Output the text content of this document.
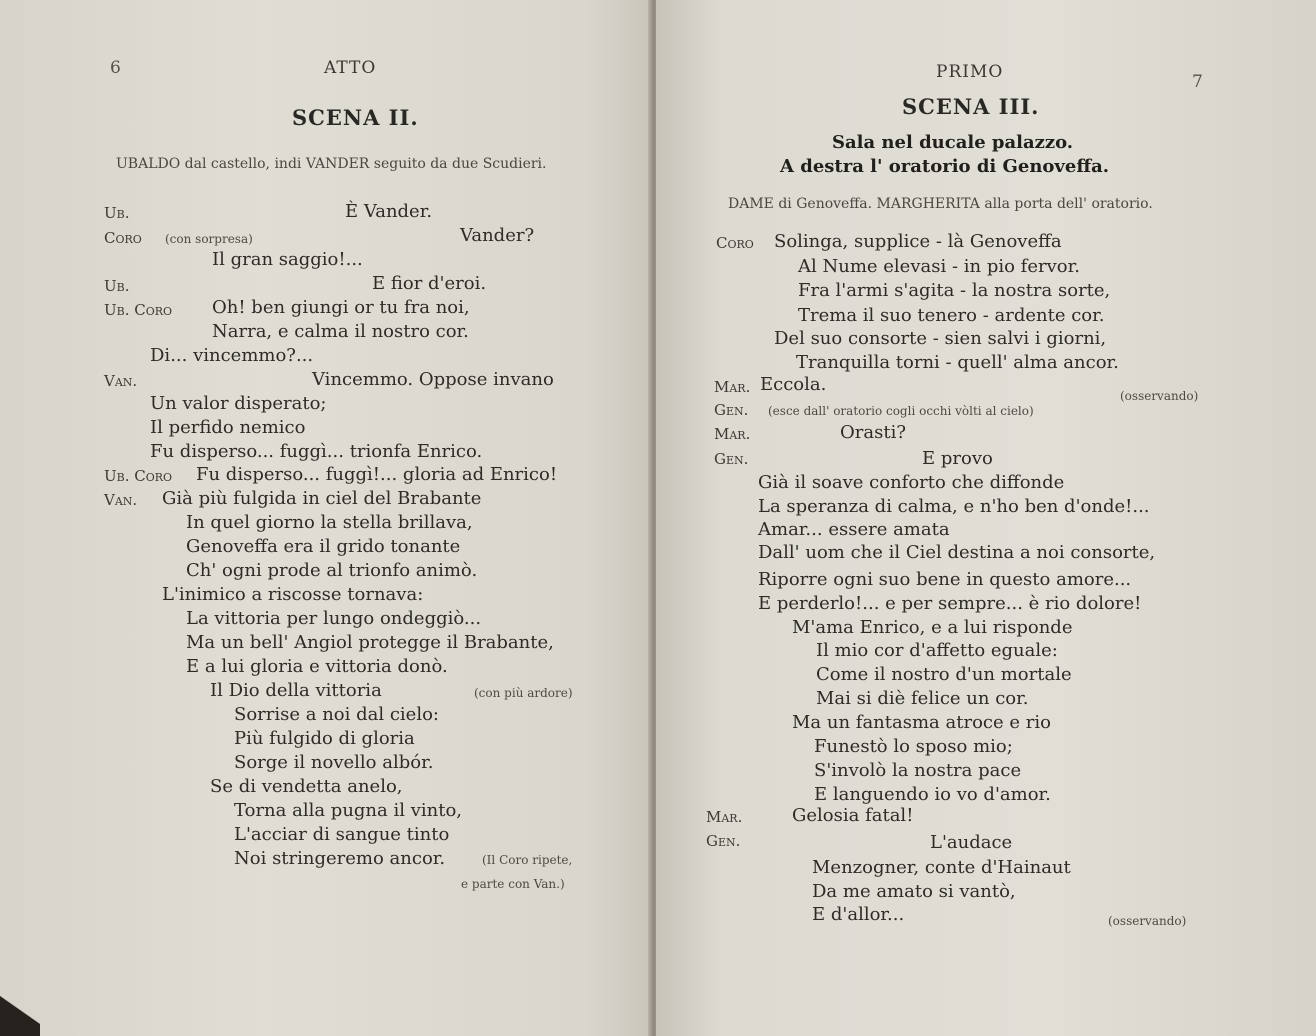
6	ATTO
SCENA II.
UBALDO dal castello, indi VANDER seguito da due Scudieri.
Ub.	È Vander.
Coro (con sorpresa)	Vander?
Il gran saggio!...
Ub.	E fior d'eroi.
Ub. Coro Oh! ben giungi or tu fra noi,
Narra, e calma il nostro cor.
Di... vincemmo?...
Van.	Vincemmo. Oppose invano
Un valor disperato;
Il perfido nemico
Fu disperso... fuggì... trionfa Enrico.
Ub. Coro Fu disperso... fuggì!... gloria ad Enrico!
Van. Già più fulgida in ciel del Brabante
In quel giorno la stella brillava,
Genoveffa era il grido tonante
Ch' ogni prode al trionfo animò.
L'inimico a riscosse tornava:
La vittoria per lungo ondeggiò...
Ma un bell' Angiol protegge il Brabante,
E a lui gloria e vittoria donò.
Il Dio della vittoria	(con più ardore)
Sorrise a noi dal cielo:
Più fulgido di gloria
Sorge il novello albór.
Se di vendetta anelo,
Torna alla pugna il vinto,
L'acciar di sangue tinto
Noi stringeremo ancor.	(Il Coro ripete,
e parte con Van.)
PRIMO	7
SCENA III.
Sala nel ducale palazzo.
A destra l' oratorio di Genoveffa.
DAME di Genoveffa. MARGHERITA alla porta dell' oratorio.
Coro Solinga, supplice - là Genoveffa
Al Nume elevasi - in pio fervor.
Fra l'armi s'agita - la nostra sorte,
Trema il suo tenero - ardente cor.
Del suo consorte - sien salvi i giorni,
Tranquilla torni - quell' alma ancor.
Mar. Eccola.
(osservando)
Gen. (esce dall' oratorio cogli occhi vòlti al cielo)
Mar.	Orasti?
Gen.	E provo
Già il soave conforto che diffonde
La speranza di calma, e n'ho ben d'onde!...
Amar... essere amata
Dall' uom che il Ciel destina a noi consorte,
Riporre ogni suo bene in questo amore...
E perderlo!... e per sempre... è rio dolore!
M'ama Enrico, e a lui risponde
Il mio cor d'affetto eguale:
Come il nostro d'un mortale
Mai si diè felice un cor.
Ma un fantasma atroce e rio
Funestò lo sposo mio;
S'involò la nostra pace
E languendo io vo d'amor.
Mar.	Gelosia fatal!
Gen.	L'audace
Menzogner, conte d'Hainaut
Da me amato si vantò,
E d'allor...	(osservando)
